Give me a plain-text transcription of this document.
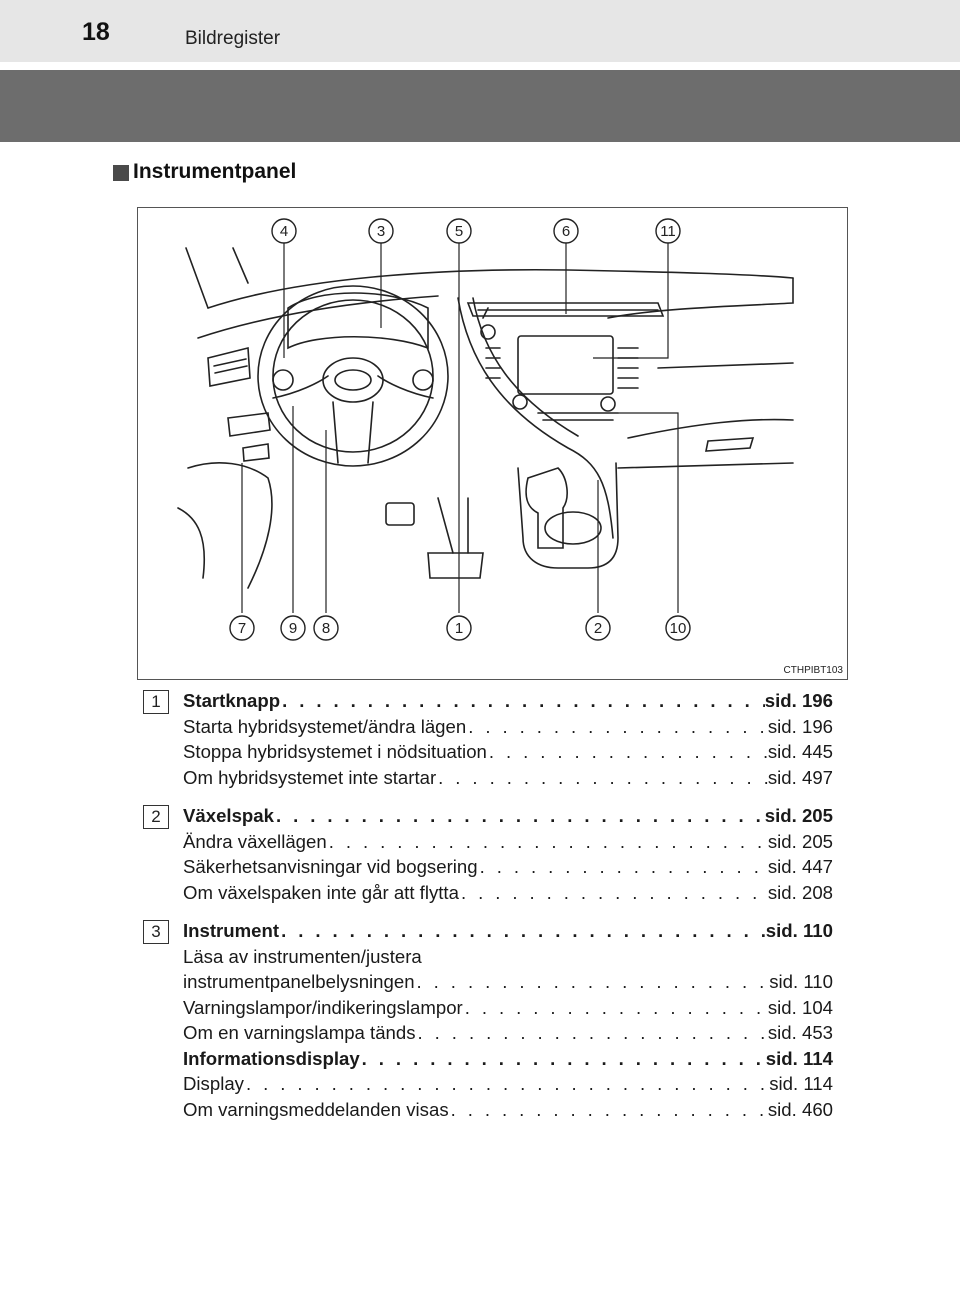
18	Bildregister
Instrumentpanel
4	3	5	6	11
7	9 8	1	2	10
CTHPIBT103
1	Startknapp . . .	sid. 196
Starta hybridsystemet/ändra lägen . . .	sid. 196
Stoppa hybridsystemet i nödsituation . . .	sid. 445
Om hybridsystemet inte startar . . .	sid. 497
2	Växelspak . . .	sid. 205
Ändra växellägen . . .	sid. 205
Säkerhetsanvisningar vid bogsering . . .	sid. 447
Om växelspaken inte går att flytta . . .	sid. 208
3	Instrument . . .	sid. 110
Läsa av instrumenten/justera
instrumentpanelbelysningen . . .	sid. 110
Varningslampor/indikeringslampor . . .	sid. 104
Om en varningslampa tänds . . .	sid. 453
Informationsdisplay . . .	sid. 114
Display . . .	sid. 114
Om varningsmeddelanden visas . . .	sid. 460
